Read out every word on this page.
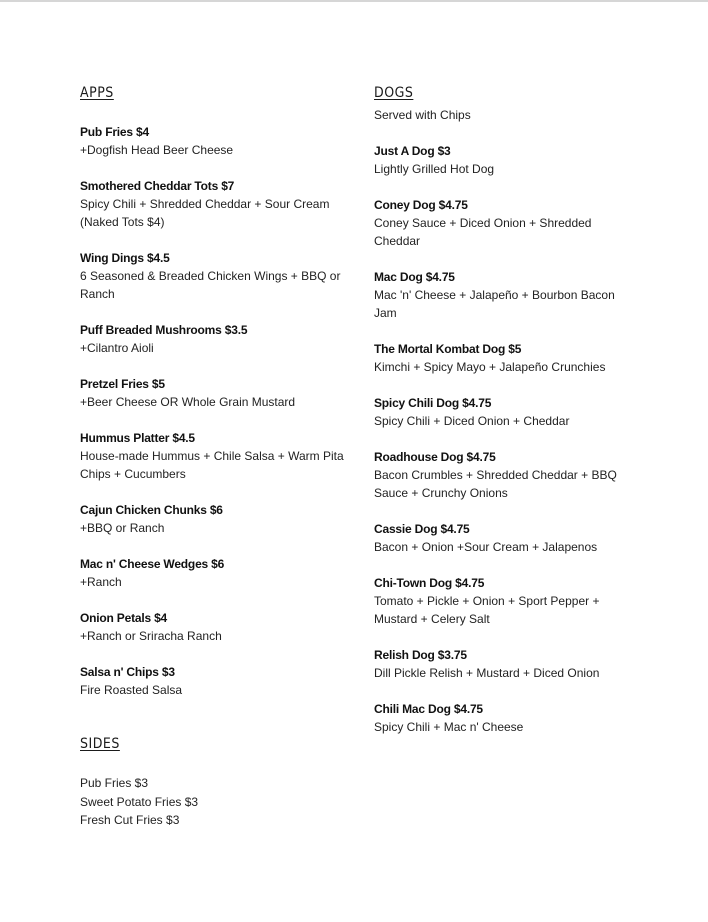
APPS
Pub Fries $4
+Dogfish Head Beer Cheese
Smothered Cheddar Tots $7
Spicy Chili + Shredded Cheddar + Sour Cream (Naked Tots $4)
Wing Dings $4.5
6 Seasoned & Breaded Chicken Wings + BBQ or Ranch
Puff Breaded Mushrooms $3.5
+Cilantro Aioli
Pretzel Fries $5
+Beer Cheese OR Whole Grain Mustard
Hummus Platter $4.5
House-made Hummus + Chile Salsa + Warm Pita Chips + Cucumbers
Cajun Chicken Chunks $6
+BBQ or Ranch
Mac n' Cheese Wedges $6
+Ranch
Onion Petals $4
+Ranch or Sriracha Ranch
Salsa n' Chips $3
Fire Roasted Salsa
SIDES
Pub Fries $3
Sweet Potato Fries $3
Fresh Cut Fries $3
DOGS
Served with Chips
Just A Dog $3
Lightly Grilled Hot Dog
Coney Dog $4.75
Coney Sauce + Diced Onion + Shredded Cheddar
Mac Dog $4.75
Mac 'n' Cheese + Jalapeño + Bourbon Bacon Jam
The Mortal Kombat Dog $5
Kimchi + Spicy Mayo + Jalapeño Crunchies
Spicy Chili Dog $4.75
Spicy Chili + Diced Onion + Cheddar
Roadhouse Dog $4.75
Bacon Crumbles + Shredded Cheddar + BBQ Sauce + Crunchy Onions
Cassie Dog $4.75
Bacon + Onion +Sour Cream + Jalapenos
Chi-Town Dog $4.75
Tomato + Pickle + Onion + Sport Pepper + Mustard + Celery Salt
Relish Dog $3.75
Dill Pickle Relish + Mustard + Diced Onion
Chili Mac Dog $4.75
Spicy Chili + Mac n' Cheese
